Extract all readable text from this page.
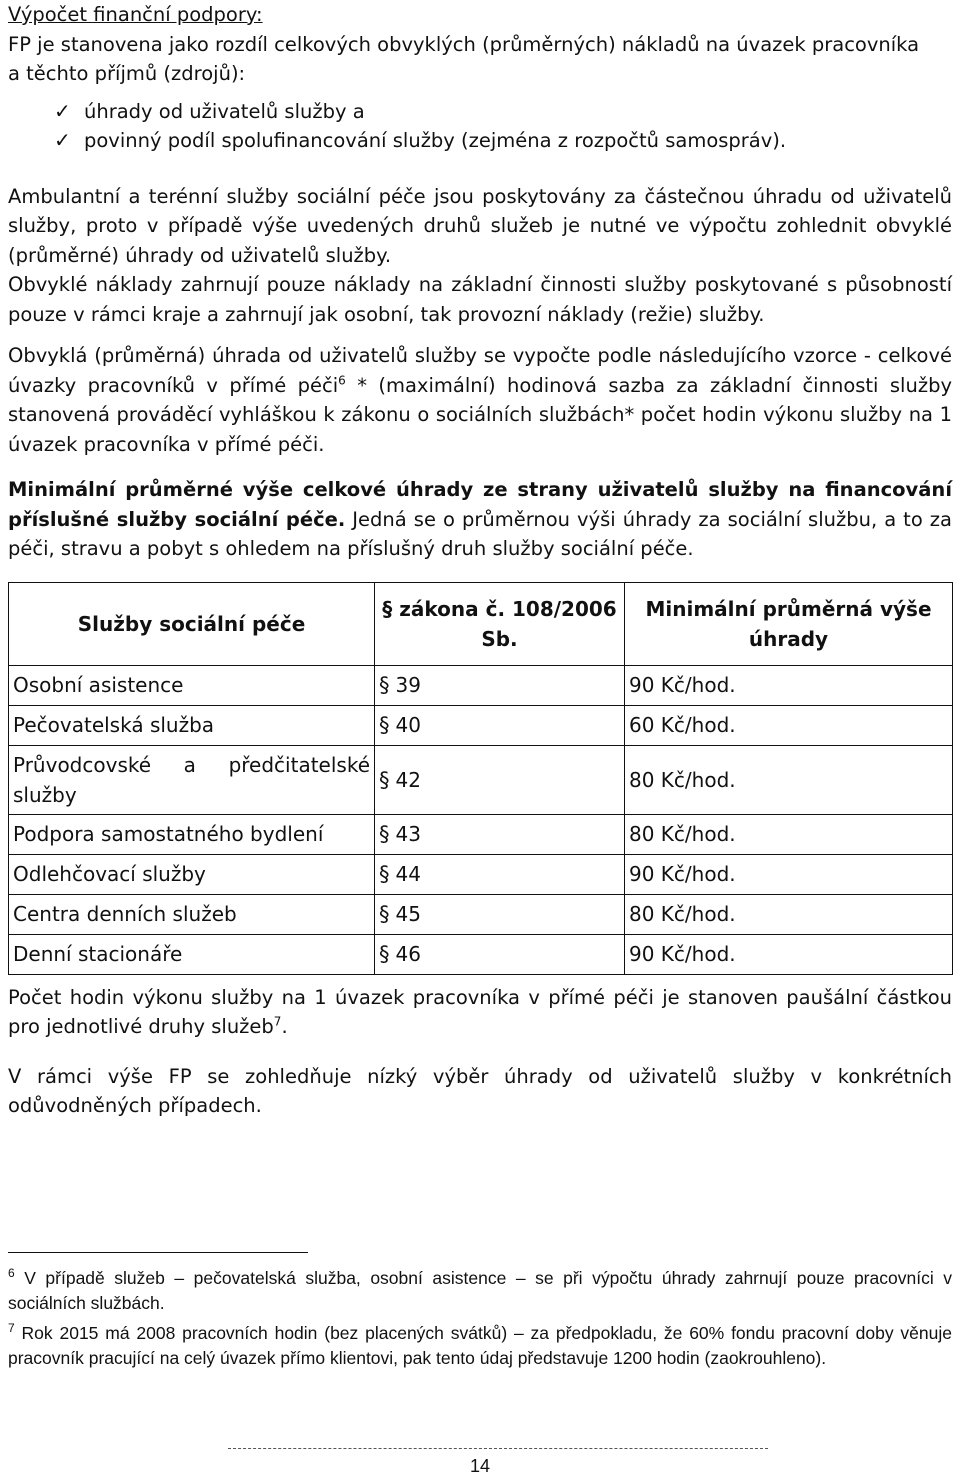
Výpočet finanční podpory:

FP je stanovena jako rozdíl celkových obvyklých (průměrných) nákladů na úvazek pracovníka

a těchto příjmů (zdrojů):

✓ úhrady od uživatelů služby a
✓ povinný podíl spolufinancování služby (zejména z rozpočtů samospráv).

Ambulantní a terénní služby sociální péče jsou poskytovány za částečnou úhradu od uživatelů služby, proto v případě výše uvedených druhů služeb je nutné ve výpočtu zohlednit obvyklé (průměrné) úhrady od uživatelů služby.

Obvyklé náklady zahrnují pouze náklady na základní činnosti služby poskytované s působností pouze v rámci kraje a zahrnují jak osobní, tak provozní náklady (režie) služby.

Obvyklá (průměrná) úhrada od uživatelů služby se vypočte podle následujícího vzorce - celkové úvazky pracovníků v přímé péči$^6$ * (maximální) hodinová sazba za základní činnosti služby stanovená prováděcí vyhláškou k zákonu o sociálních službách* počet hodin výkonu služby na 1 úvazek pracovníka v přímé péči.

Minimální průměrné výše celkové úhrady ze strany uživatelů služby na financování příslušné služby sociální péče. Jedná se o průměrnou výši úhrady za sociální službu, a to za péči, stravu a pobyt s ohledem na příslušný druh služby sociální péče.

Služby sociální péče	§ zákona č. 108/2006 Sb.	Minimální průměrná výše úhrady

Osobní asistence	§ 39	90 Kč/hod.
Pečovatelská služba	§ 40	60 Kč/hod.
Průvodcovské a předčitatelské služby	§ 42	80 Kč/hod.
Podpora samostatného bydlení	§ 43	80 Kč/hod.
Odlehčovací služby	§ 44	90 Kč/hod.
Centra denních služeb	§ 45	80 Kč/hod.
Denní stacionáře	§ 46	90 Kč/hod.

Počet hodin výkonu služby na 1 úvazek pracovníka v přímé péči je stanoven paušální částkou pro jednotlivé druhy služeb$^7$.

V rámci výše FP se zohledňuje nízký výběr úhrady od uživatelů služby v konkrétních odůvodněných případech.

$^6$ V případě služeb – pečovatelská služba, osobní asistence – se při výpočtu úhrady zahrnují pouze pracovníci v sociálních službách.

$^7$ Rok 2015 má 2008 pracovních hodin (bez placených svátků) – za předpokladu, že 60% fondu pracovní doby věnuje pracovník pracující na celý úvazek přímo klientovi, pak tento údaj představuje 1200 hodin (zaokrouhleno).

14
